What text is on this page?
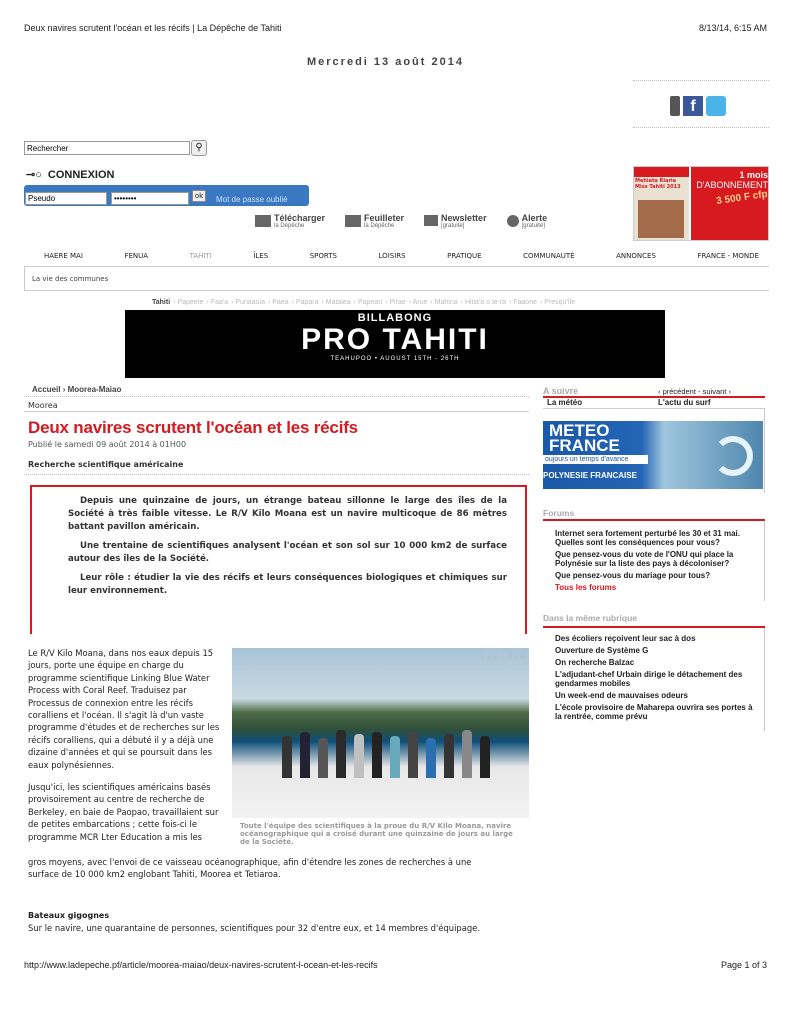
Deux navires scrutent l'océan et les récifs | La Dépêche de Tahiti	8/13/14, 6:15 AM
Mercredi 13 août 2014
f
Rechercher
⚲
⊸○ CONNEXION
Pseudo
••••••••
ok	Mot de passe oublié
Télécharger
la Dépêche
Feuilleter
la Dépêche
Newsletter
[gratuite]
Alerte
[gratuite]
Mehiata Riaria Miss Tahiti 2013
1 mois
D'ABONNEMENT
3 500 F cfp
HAERE MAI	FENUA	TAHITI	ÎLES	SPORTS	LOISIRS	PRATIQUE	COMMUNAUTÉ	ANNONCES	FRANCE - MONDE
La vie des communes
Tahiti › Papeete › Faa'a › Punaauia › Paea › Papara › Mataiea › Papeari › Pirae › Arue › Mahina › Hitia'a o te ra › Faaone › Presqu'île
BILLABONG
PRO TAHITI
TEAHUPOO • AUGUST 15TH - 26TH
Accueil › Moorea-Maiao
Moorea
Deux navires scrutent l'océan et les récifs
Publié le samedi 09 août 2014 à 01H00
Recherche scientifique américaine

Depuis une quinzaine de jours, un étrange bateau sillonne le large des îles de la Société à très faible vitesse. Le R/V Kilo Moana est un navire multicoque de 86 mètres battant pavillon américain.

Une trentaine de scientifiques analysent l'océan et son sol sur 10 000 km2 de surface autour des îles de la Société.

Leur rôle : étudier la vie des récifs et leurs conséquences biologiques et chimiques sur leur environnement.

Le R/V Kilo Moana, dans nos eaux depuis 15 jours, porte une équipe en charge du programme scientifique Linking Blue Water Process with Coral Reef. Traduisez par Processus de connexion entre les récifs coralliens et l'océan. Il s'agit là d'un vaste programme d'études et de recherches sur les récifs coralliens, qui a débuté il y a déjà une dizaine d'années et qui se poursuit dans les eaux polynésiennes.

Jusqu'ici, les scientifiques américains basés provisoirement au centre de recherche de Berkeley, en baie de Paopao, travaillaient sur de petites embarcations ; cette fois-ci le programme MCR Lter Education a mis les

gros moyens, avec l'envoi de ce vaisseau océanographique, afin d'étendre les zones de recherches à une surface de 10 000 km2 englobant Tahiti, Moorea et Tetiaroa.
1 › 2 › 3 › 4
Toute l'équipe des scientifiques à la proue du R/V Kilo Moana, navire océanographique qui a croisé durant une quinzaine de jours au large de la Société.
Bateaux gigognes
Sur le navire, une quarantaine de personnes, scientifiques pour 32 d'entre eux, et 14 membres d'équipage.
A suivre	‹ précédent - suivant ›
La météo	L'actu du surf
METEO
FRANCE
oujours un temps d'avance
POLYNESIE FRANCAISE
Forums
Internet sera fortement perturbé les 30 et 31 mai.
Quelles sont les conséquences pour vous?
Que pensez-vous du vote de l'ONU qui place la Polynésie sur la liste des pays à décoloniser?
Que pensez-vous du mariage pour tous?
Tous les forums
Dans la même rubrique
Des écoliers reçoivent leur sac à dos
Ouverture de Système G
On recherche Balzac
L'adjudant-chef Urbain dirige le détachement des gendarmes mobiles
Un week-end de mauvaises odeurs
L'école provisoire de Maharepa ouvrira ses portes à la rentrée, comme prévu
http://www.ladepeche.pf/article/moorea-maiao/deux-navires-scrutent-l-ocean-et-les-recifs	Page 1 of 3
